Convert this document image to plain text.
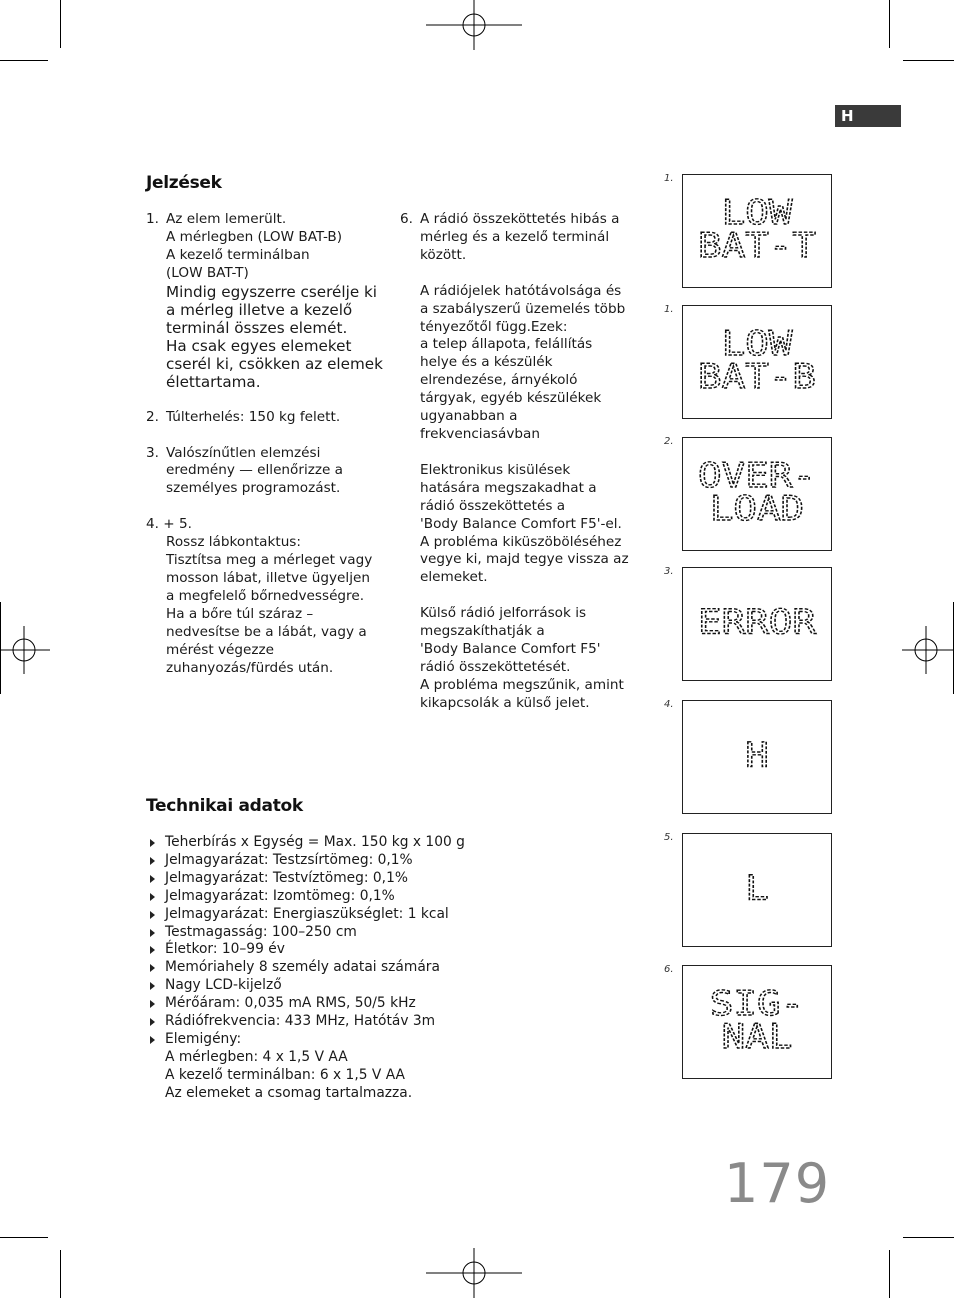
H
Jelzések
1. Az elem lemerült.
A mérlegben (LOW BAT-B)
A kezelő terminálban
(LOW BAT-T)
Mindig egyszerre cserélje ki
a mérleg illetve a kezelő
terminál összes elemét.
Ha csak egyes elemeket
cserél ki, csökken az elemek
élettartama.
2. Túlterhelés: 150 kg felett.
3. Valószínűtlen elemzési
eredmény — ellenőrizze a
személyes programozást.
4. + 5.
Rossz lábkontaktus:
Tisztítsa meg a mérleget vagy
mosson lábat, illetve ügyeljen
a megfelelő bőrnedvességre.
Ha a bőre túl száraz –
nedvesítse be a lábát, vagy a
mérést végezze
zuhanyozás/fürdés után.
6. A rádió összeköttetés hibás a
mérleg és a kezelő terminál
között.
A rádiójelek hatótávolsága és
a szabályszerű üzemelés több
tényezőtől függ.Ezek:
a telep állapota, felállítás
helye és a készülék
elrendezése, árnyékoló
tárgyak, egyéb készülékek
ugyanabban a
frekvenciasávban
Elektronikus kisülések
hatására megszakadhat a
rádió összeköttetés a
'Body Balance Comfort F5'-el.
A probléma kiküszöböléséhez
vegye ki, majd tegye vissza az
elemeket.
Külső rádió jelforrások is
megszakíthatják a
'Body Balance Comfort F5'
rádió összeköttetését.
A probléma megszűnik, amint
kikapcsolák a külső jelet.
Technikai adatok
Teherbírás x Egység = Max. 150 kg x 100 g
Jelmagyarázat: Testzsírtömeg: 0,1%
Jelmagyarázat: Testvíztömeg: 0,1%
Jelmagyarázat: Izomtömeg: 0,1%
Jelmagyarázat: Energiaszükséglet: 1 kcal
Testmagasság: 100–250 cm
Életkor: 10–99 év
Memóriahely 8 személy adatai számára
Nagy LCD-kijelző
Mérőáram: 0,035 mA RMS, 50/5 kHz
Rádiófrekvencia: 433 MHz, Hatótáv 3m
Elemigény:
A mérlegben: 4 x 1,5 V AA
A kezelő terminálban: 6 x 1,5 V AA
Az elemeket a csomag tartalmazza.
1.
LOW
BAT-T
1.
LOW
BAT-B
2.
OVER-
LOAD
3.
ERROR
4.
H
5.
L
6.
SIG-
NAL
179
